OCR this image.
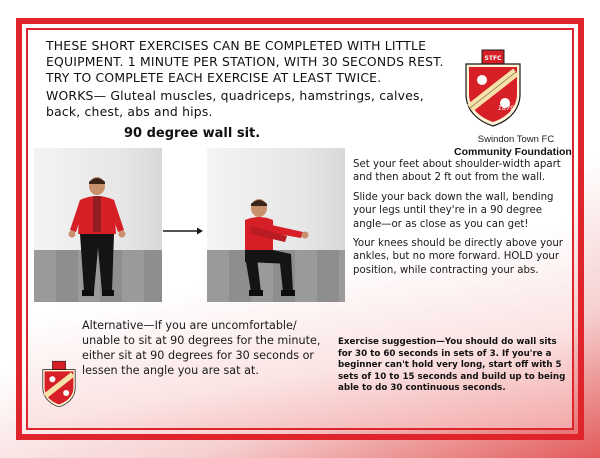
THESE SHORT EXERCISES CAN BE COMPLETED WITH LITTLE EQUIPMENT. 1 MINUTE PER STATION, WITH 30 SECONDS REST. TRY TO COMPLETE EACH EXERCISE AT LEAST TWICE.
WORKS— Gluteal muscles, quadriceps, hamstrings, calves, back, chest, abs and hips.
90 degree wall sit.
STFC
1879
Swindon Town FC
Community Foundation

Set your feet about shoulder-width apart and then about 2 ft out from the wall.

Slide your back down the wall, bending your legs until they're in a 90 degree angle—or as close as you can get!

Your knees should be directly above your ankles, but no more forward. HOLD your position, while contracting your abs.

Alternative—If you are uncomfortable/ unable to sit at 90 degrees for the minute, either sit at 90 degrees for 30 seconds or lessen the angle you are sat at.
Exercise suggestion—You should do wall sits for 30 to 60 seconds in sets of 3. If you're a beginner can't hold very long, start off with 5 sets of 10 to 15 seconds and build up to being able to do 30 continuous seconds.
